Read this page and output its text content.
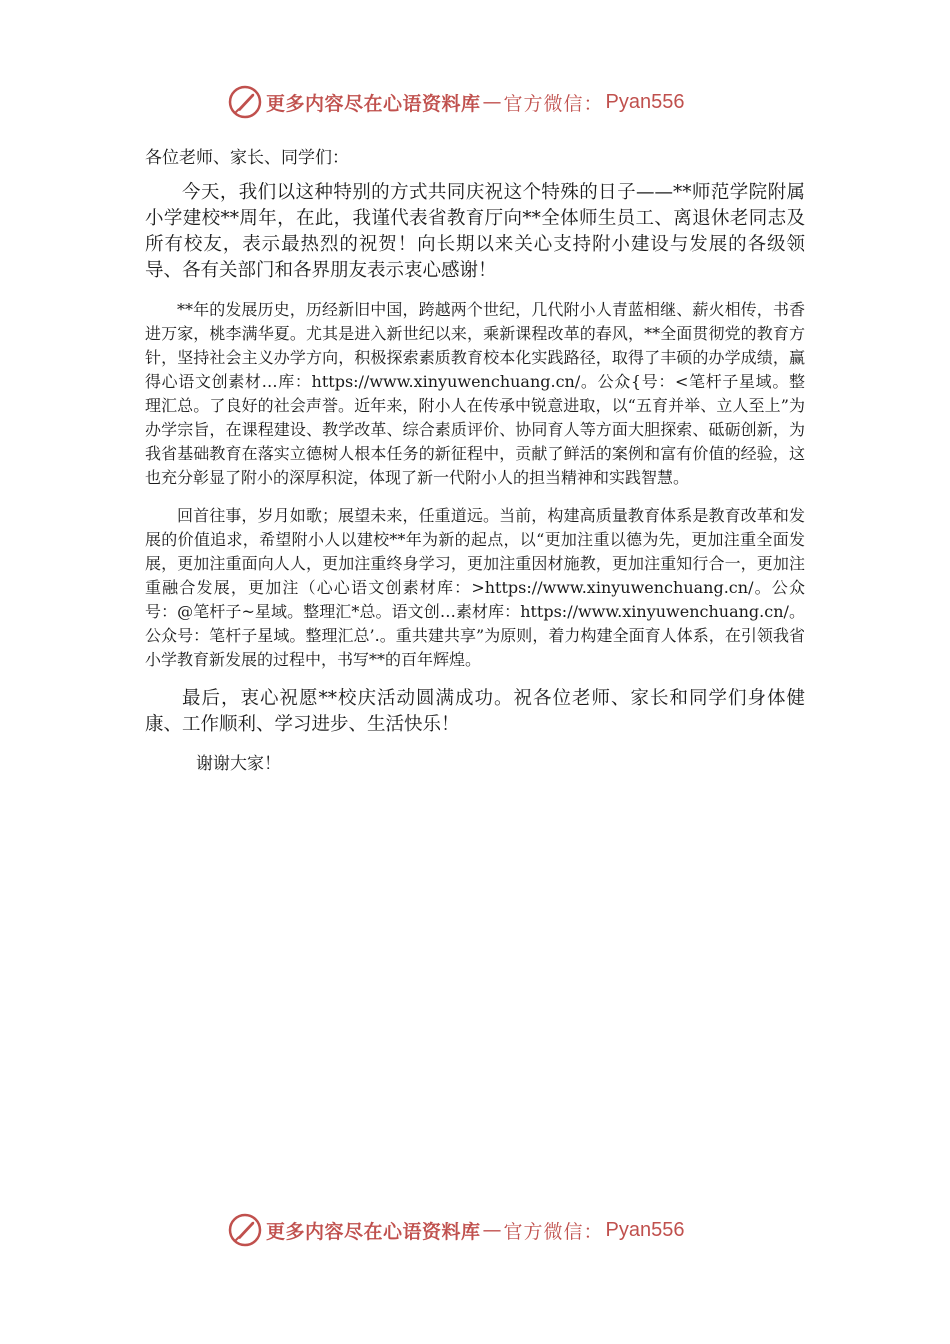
更多内容尽在心语资料库 — 官方微信： Pyan556

各位老师、家长、同学们：

今天，我们以这种特别的方式共同庆祝这个特殊的日子——**师范学院附属小学建校**周年，在此，我谨代表省教育厅向**全体师生员工、离退休老同志及所有校友，表示最热烈的祝贺！向长期以来关心支持附小建设与发展的各级领导、各有关部门和各界朋友表示衷心感谢！

**年的发展历史，历经新旧中国，跨越两个世纪，几代附小人青蓝相继、薪火相传，书香进万家，桃李满华夏。尤其是进入新世纪以来，乘新课程改革的春风，**全面贯彻党的教育方针，坚持社会主义办学方向，积极探索素质教育校本化实践路径，取得了丰硕的办学成绩，赢得心语文创素材…库：https://www.xinyuwenchuang.cn/。公众{号：<笔杆子星域。整理汇总。了良好的社会声誉。近年来，附小人在传承中锐意进取，以“五育并举、立人至上”为办学宗旨，在课程建设、教学改革、综合素质评价、协同育人等方面大胆探索、砥砺创新，为我省基础教育在落实立德树人根本任务的新征程中，贡献了鲜活的案例和富有价值的经验，这也充分彰显了附小的深厚积淀，体现了新一代附小人的担当精神和实践智慧。

回首往事，岁月如歌；展望未来，任重道远。当前，构建高质量教育体系是教育改革和发展的价值追求，希望附小人以建校**年为新的起点，以“更加注重以德为先，更加注重全面发展，更加注重面向人人，更加注重终身学习，更加注重因材施教，更加注重知行合一，更加注重融合发展，更加注（心心语文创素材库：>https://www.xinyuwenchuang.cn/。公众号：@笔杆子~星域。整理汇*总。语文创…素材库：https://www.xinyuwenchuang.cn/。公众号：笔杆子星域。整理汇总’.。重共建共享”为原则，着力构建全面育人体系，在引领我省小学教育新发展的过程中，书写**的百年辉煌。

最后，衷心祝愿**校庆活动圆满成功。祝各位老师、家长和同学们身体健康、工作顺利、学习进步、生活快乐！

谢谢大家！

更多内容尽在心语资料库 — 官方微信： Pyan556
